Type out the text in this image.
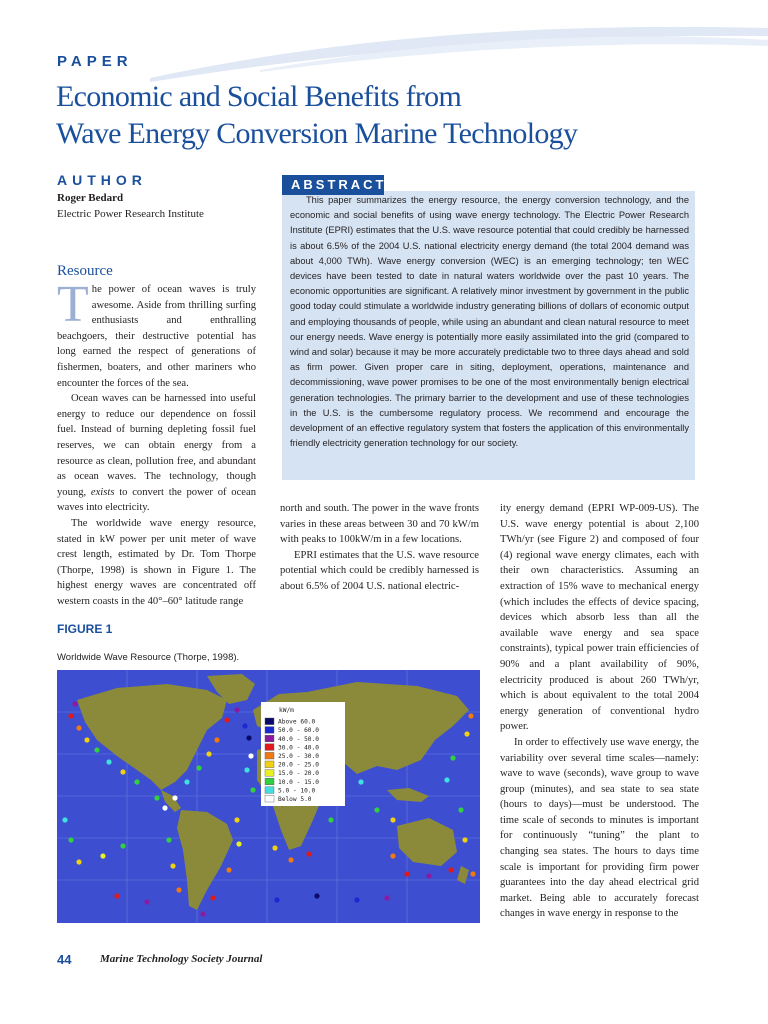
PAPER
Economic and Social Benefits from
Wave Energy Conversion Marine Technology
AUTHOR
Roger Bedard
Electric Power Research Institute
ABSTRACT

This paper summarizes the energy resource, the energy conversion technology, and the economic and social benefits of using wave energy technology. The Electric Power Research Institute (EPRI) estimates that the U.S. wave resource potential that could credibly be harnessed is about 6.5% of the 2004 U.S. national electricity energy demand (the total 2004 demand was about 4,000 TWh). Wave energy conversion (WEC) is an emerging technology; ten WEC devices have been tested to date in natural waters worldwide over the past 10 years. The economic opportunities are significant. A relatively minor investment by government in the public good today could stimulate a worldwide industry generating billions of dollars of economic output and employing thousands of people, while using an abundant and clean natural resource to meet our energy needs. Wave energy is potentially more easily assimilated into the grid (compared to wind and solar) because it may be more accurately predictable two to three days ahead and sold as firm power. Given proper care in siting, deployment, operations, maintenance and decommissioning, wave power promises to be one of the most environmentally benign electrical generation technologies. The primary barrier to the development and use of these technologies in the U.S. is the cumbersome regulatory process. We recommend and encourage the development of an effective regulatory system that fosters the application of this environmentally friendly electricity generation technology for our society.

Resource

The power of ocean waves is truly awesome. Aside from thrilling surfing enthusiasts and enthralling beachgoers, their destructive potential has long earned the respect of generations of fishermen, boaters, and other mariners who encounter the forces of the sea.

Ocean waves can be harnessed into useful energy to reduce our dependence on fossil fuel. Instead of burning depleting fossil fuel reserves, we can obtain energy from a resource as clean, pollution free, and abundant as ocean waves. The technology, though young, exists to convert the power of ocean waves into electricity.

The worldwide wave energy resource, stated in kW power per unit meter of wave crest length, estimated by Dr. Tom Thorpe (Thorpe, 1998) is shown in Figure 1. The highest energy waves are concentrated off western coasts in the 40°–60° latitude range

north and south. The power in the wave fronts varies in these areas between 30 and 70 kW/m with peaks to 100kW/m in a few locations.

EPRI estimates that the U.S. wave resource potential which could be credibly harnessed is about 6.5% of 2004 U.S. national electric-

ity energy demand (EPRI WP-009-US). The U.S. wave energy potential is about 2,100 TWh/yr (see Figure 2) and composed of four (4) regional wave energy climates, each with their own characteristics. Assuming an extraction of 15% wave to mechanical energy (which includes the effects of device spacing, devices which absorb less than all the available wave energy and sea space constraints), typical power train efficiencies of 90% and a plant availability of 90%, electricity produced is about 260 TWh/yr, which is about equivalent to the total 2004 energy generation of conventional hydro power.

In order to effectively use wave energy, the variability over several time scales—namely: wave to wave (seconds), wave group to wave group (minutes), and sea state to sea state (hours to days)—must be understood. The time scale of seconds to minutes is important for continuously “tuning” the plant to changing sea states. The hours to days time scale is important for providing firm power guarantees into the day ahead electrical grid market. Being able to accurately forecast changes in wave energy in response to the

FIGURE 1
Worldwide Wave Resource (Thorpe, 1998).
kW/m
Above 60.0
50.0 - 60.0
40.0 - 50.0
30.0 - 40.0
25.0 - 30.0
20.0 - 25.0
15.0 - 20.0
10.0 - 15.0
5.0 - 10.0
Below 5.0
44	Marine Technology Society Journal
